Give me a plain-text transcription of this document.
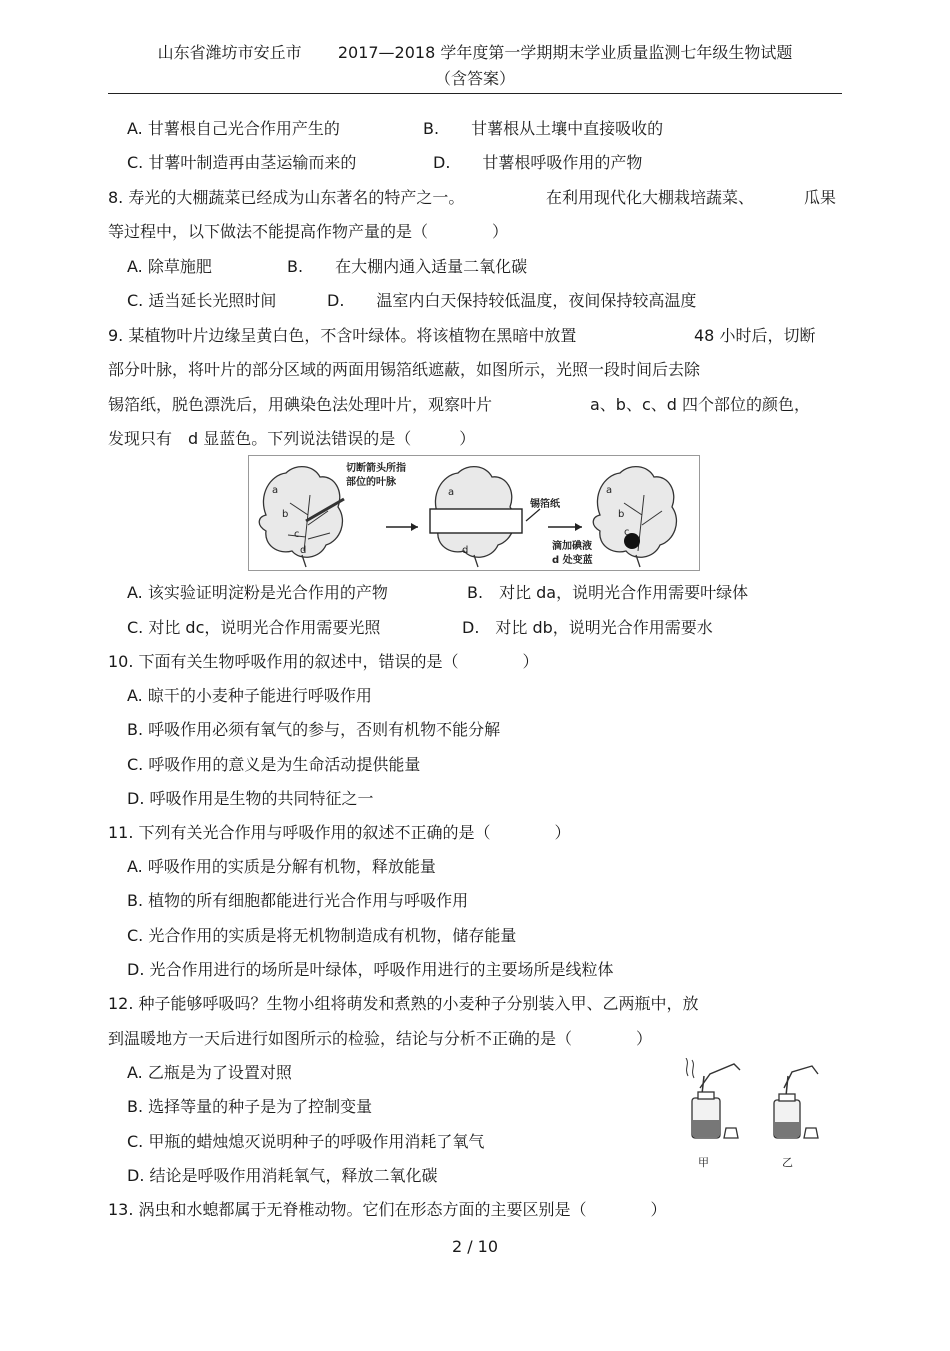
山东省潍坊市安丘市 2017—2018 学年度第一学期期末学业质量监测七年级生物试题
（含答案）
A. 甘薯根自己光合作用产生的	B.　　甘薯根从土壤中直接吸收的
C. 甘薯叶制造再由茎运输而来的	D.　　甘薯根呼吸作用的产物
8. 寿光的大棚蔬菜已经成为山东著名的特产之一。	在利用现代化大棚栽培蔬菜、	瓜果
等过程中，以下做法不能提高作物产量的是（　　　　）
A. 除草施肥	B.　　在大棚内通入适量二氧化碳
C. 适当延长光照时间	D.　　温室内白天保持较低温度，夜间保持较高温度
9. 某植物叶片边缘呈黄白色，不含叶绿体。将该植物在黑暗中放置	48 小时后，切断
部分叶脉，将叶片的部分区域的两面用锡箔纸遮蔽，如图所示，光照一段时间后去除
锡箔纸，脱色漂洗后，用碘染色法处理叶片，观察叶片	a、b、c、d 四个部位的颜色，
发现只有　d 显蓝色。下列说法错误的是（　　　）
a
b
c
d
切断箭头所指
部位的叶脉
a
d
锡箔纸
a
b
c
滴加碘液
d 处变蓝
A. 该实验证明淀粉是光合作用的产物	B.　对比 da，说明光合作用需要叶绿体
C. 对比 dc，说明光合作用需要光照	D.　对比 db，说明光合作用需要水
10. 下面有关生物呼吸作用的叙述中，错误的是（　　　　）
A. 晾干的小麦种子能进行呼吸作用
B. 呼吸作用必须有氧气的参与，否则有机物不能分解
C. 呼吸作用的意义是为生命活动提供能量
D. 呼吸作用是生物的共同特征之一
11. 下列有关光合作用与呼吸作用的叙述不正确的是（　　　　）
A. 呼吸作用的实质是分解有机物，释放能量
B. 植物的所有细胞都能进行光合作用与呼吸作用
C. 光合作用的实质是将无机物制造成有机物，储存能量
D. 光合作用进行的场所是叶绿体，呼吸作用进行的主要场所是线粒体
12. 种子能够呼吸吗？生物小组将萌发和煮熟的小麦种子分别装入甲、乙两瓶中，放
到温暖地方一天后进行如图所示的检验，结论与分析不正确的是（　　　　）
A. 乙瓶是为了设置对照
B. 选择等量的种子是为了控制变量
C. 甲瓶的蜡烛熄灭说明种子的呼吸作用消耗了氧气
D. 结论是呼吸作用消耗氧气，释放二氧化碳
甲	乙
13. 涡虫和水螅都属于无脊椎动物。它们在形态方面的主要区别是（　　　　）
2 / 10
